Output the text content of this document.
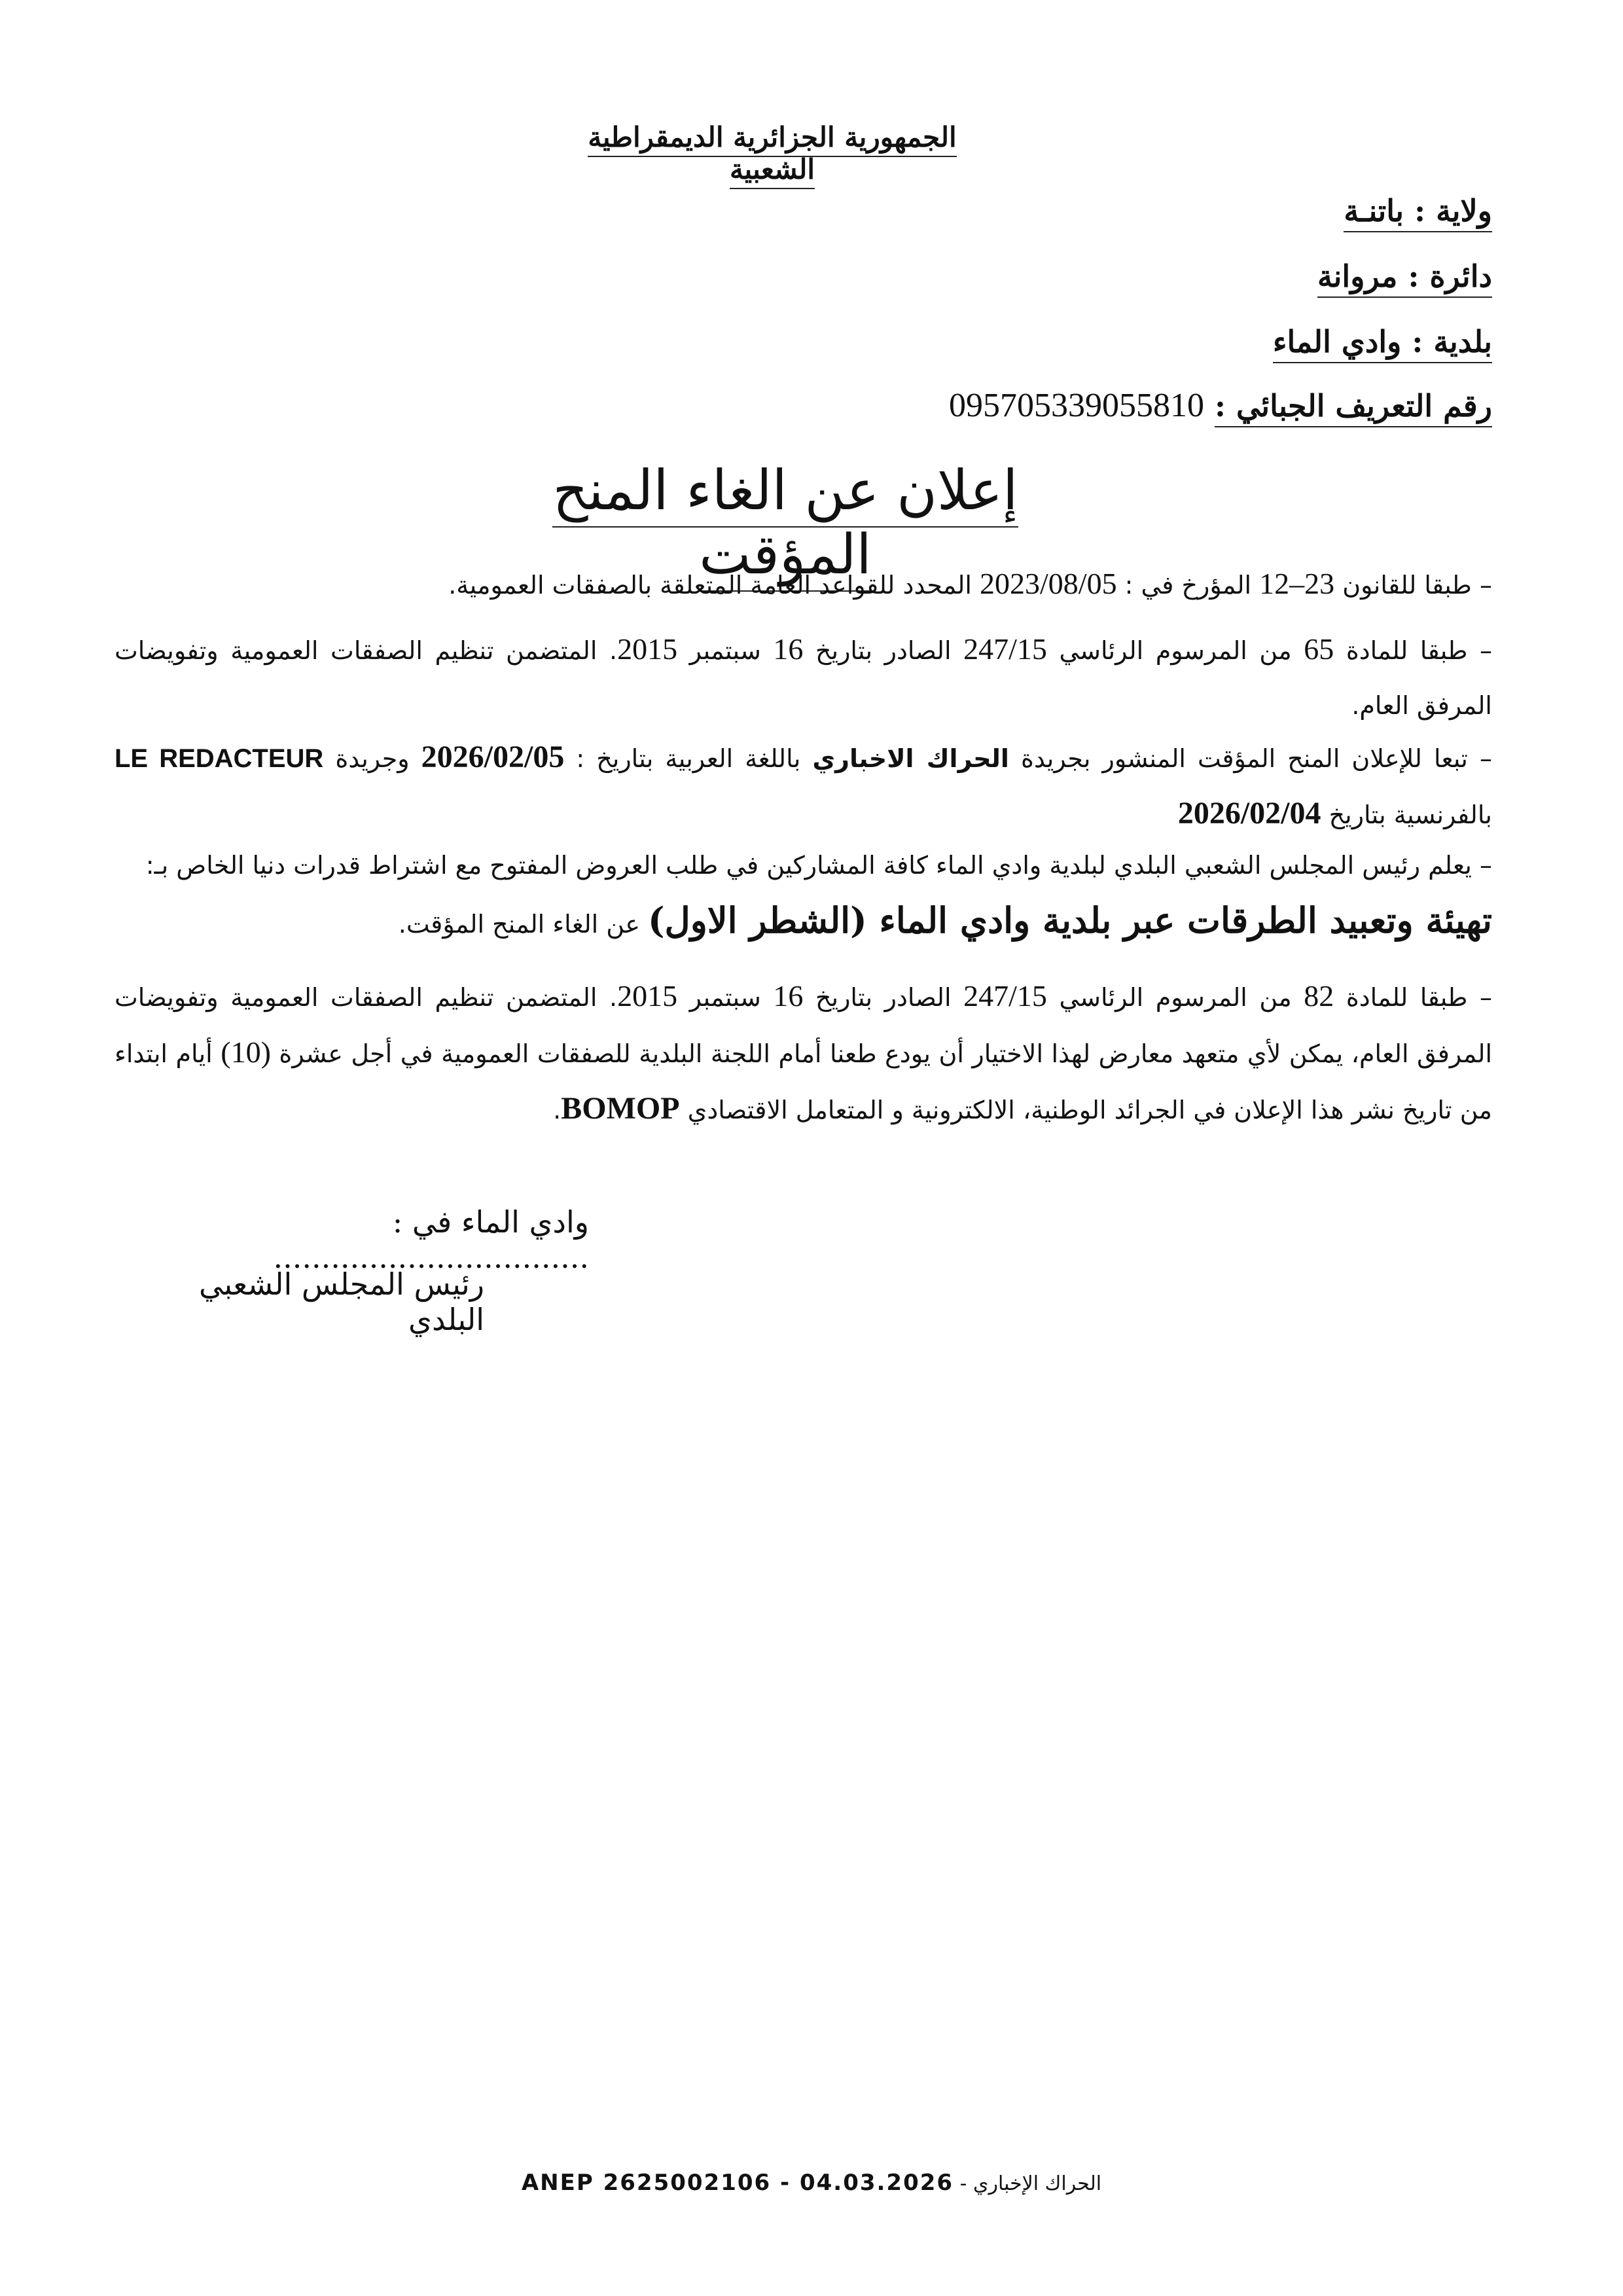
الجمهورية الجزائرية الديمقراطية الشعبية
ولاية : باتنـة
دائرة : مروانة
بلدية : وادي الماء
رقم التعريف الجبائي : 095705339055810
إعلان عن الغاء المنح المؤقت	– طبقا للقانون 23–12 المؤرخ في : 2023/08/05 المحدد للقواعد العامة المتعلقة بالصفقات العمومية.
– طبقا للمادة 65 من المرسوم الرئاسي 247/15 الصادر بتاريخ 16 سبتمبر 2015. المتضمن تنظيم الصفقات العمومية وتفويضات المرفق العام.
– تبعا للإعلان المنح المؤقت المنشور بجريدة الحراك الاخباري باللغة العربية بتاريخ : 2026/02/05 وجريدة LE REDACTEUR بالفرنسية بتاريخ 2026/02/04
– يعلم رئيس المجلس الشعبي البلدي لبلدية وادي الماء كافة المشاركين في طلب العروض المفتوح مع اشتراط قدرات دنيا الخاص بـ:
تهيئة وتعبيد الطرقات عبر بلدية وادي الماء (الشطر الاول) عن الغاء المنح المؤقت.
– طبقا للمادة 82 من المرسوم الرئاسي 247/15 الصادر بتاريخ 16 سبتمبر 2015. المتضمن تنظيم الصفقات العمومية وتفويضات المرفق العام، يمكن لأي متعهد معارض لهذا الاختيار أن يودع طعنا أمام اللجنة البلدية للصفقات العمومية في أجل عشرة (10) أيام ابتداء من تاريخ نشر هذا الإعلان في الجرائد الوطنية، الالكترونية و المتعامل الاقتصادي BOMOP.
وادي الماء في : .................................
رئيس المجلس الشعبي البلدي
ANEP 2625002106 - 04.03.2026 - الحراك الإخباري
